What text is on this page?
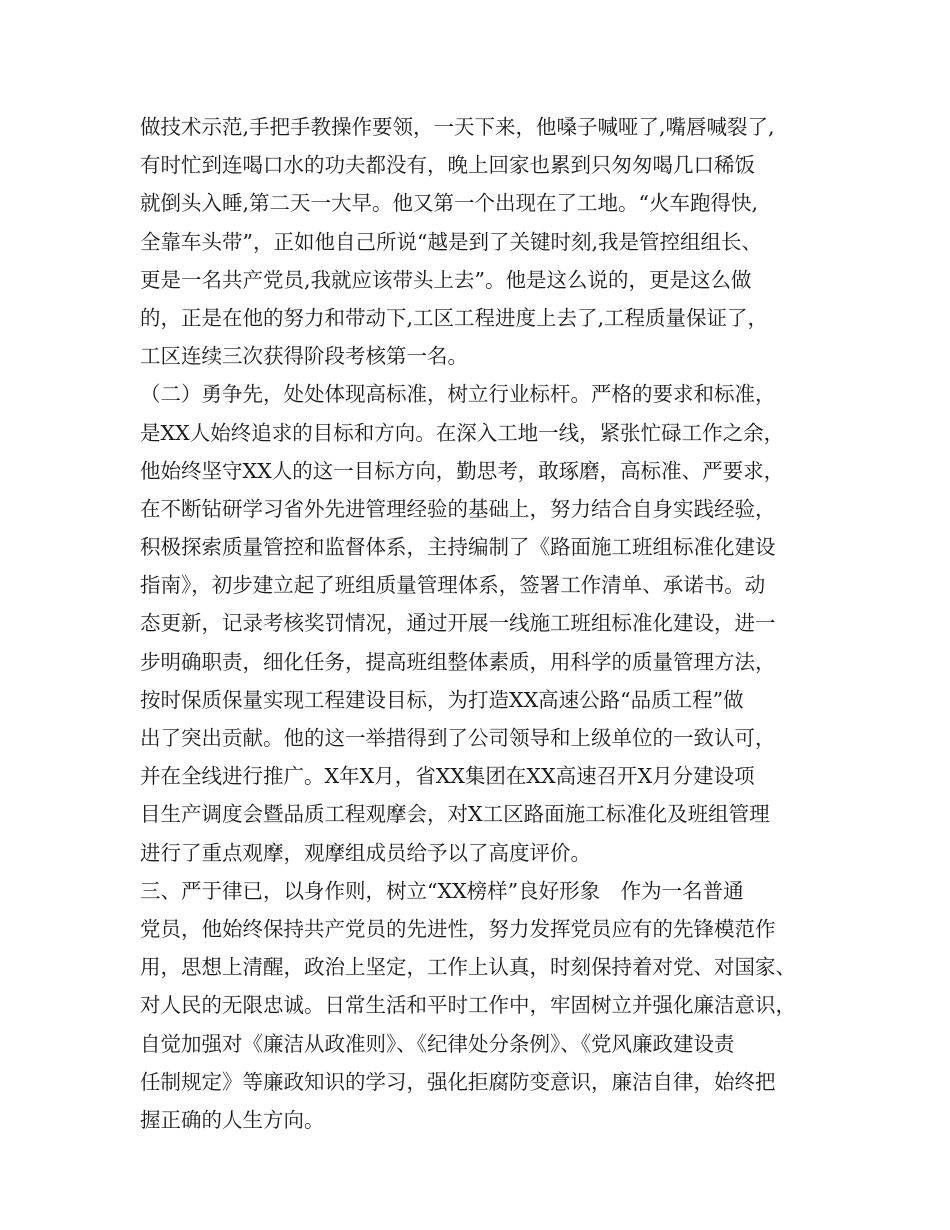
做技术示范,手把手教操作要领，一天下来，他嗓子喊哑了,嘴唇喊裂了,
有时忙到连喝口水的功夫都没有，晚上回家也累到只匆匆喝几口稀饭
就倒头入睡,第二天一大早。他又第一个出现在了工地。“火车跑得快,
全靠车头带”，正如他自己所说“越是到了关键时刻,我是管控组组长、
更是一名共产党员,我就应该带头上去”。他是这么说的，更是这么做
的，正是在他的努力和带动下,工区工程进度上去了,工程质量保证了，
工区连续三次获得阶段考核第一名。
（二）勇争先，处处体现高标准，树立行业标杆。严格的要求和标准，
是XX人始终追求的目标和方向。在深入工地一线，紧张忙碌工作之余，
他始终坚守XX人的这一目标方向，勤思考，敢琢磨，高标准、严要求，
在不断钻研学习省外先进管理经验的基础上，努力结合自身实践经验，
积极探索质量管控和监督体系，主持编制了《路面施工班组标准化建设
指南》，初步建立起了班组质量管理体系，签署工作清单、承诺书。动
态更新，记录考核奖罚情况，通过开展一线施工班组标准化建设，进一
步明确职责，细化任务，提高班组整体素质，用科学的质量管理方法，
按时保质保量实现工程建设目标，为打造XX高速公路“品质工程”做
出了突出贡献。他的这一举措得到了公司领导和上级单位的一致认可，
并在全线进行推广。X年X月，省XX集团在XX高速召开X月分建设项
目生产调度会暨品质工程观摩会，对X工区路面施工标准化及班组管理
进行了重点观摩，观摩组成员给予以了高度评价。
三、严于律已，以身作则，树立“XX榜样”良好形象　作为一名普通
党员，他始终保持共产党员的先进性，努力发挥党员应有的先锋模范作
用，思想上清醒，政治上坚定，工作上认真，时刻保持着对党、对国家、
对人民的无限忠诚。日常生活和平时工作中，牢固树立并强化廉洁意识，
自觉加强对《廉洁从政准则》、《纪律处分条例》、《党风廉政建设责
任制规定》等廉政知识的学习，强化拒腐防变意识，廉洁自律，始终把
握正确的人生方向。
